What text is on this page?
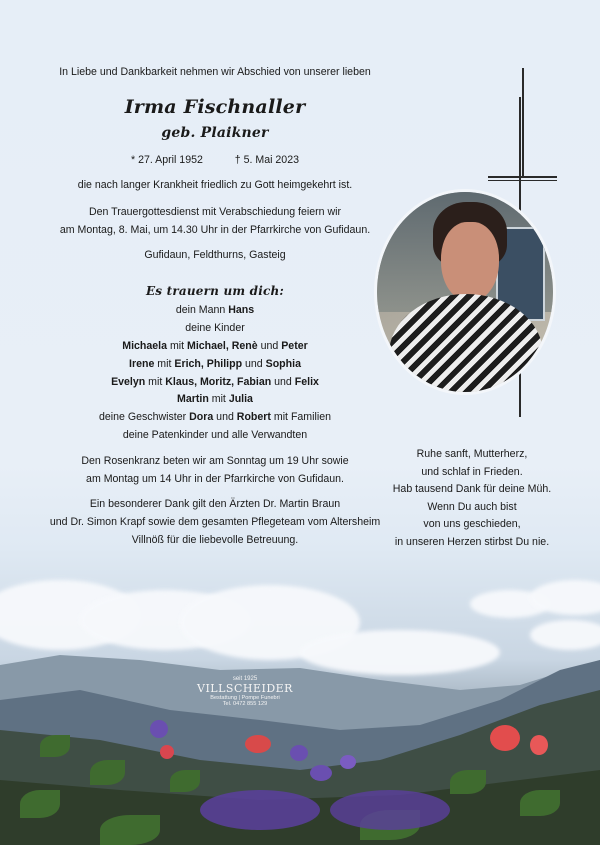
In Liebe und Dankbarkeit nehmen wir Abschied von unserer lieben
Irma Fischnaller
geb. Plaikner
* 27. April 1952	† 5. Mai 2023
die nach langer Krankheit friedlich zu Gott heimgekehrt ist.
Den Trauergottesdienst mit Verabschiedung feiern wir
am Montag, 8. Mai, um 14.30 Uhr in der Pfarrkirche von Gufidaun.
Gufidaun, Feldthurns, Gasteig
Es trauern um dich:
dein Mann Hans
deine Kinder
Michaela mit Michael, Renè und Peter
Irene mit Erich, Philipp und Sophia
Evelyn mit Klaus, Moritz, Fabian und Felix
Martin mit Julia
deine Geschwister Dora und Robert mit Familien
deine Patenkinder und alle Verwandten
Den Rosenkranz beten wir am Sonntag um 19 Uhr sowie
am Montag um 14 Uhr in der Pfarrkirche von Gufidaun.
Ein besonderer Dank gilt den Ärzten Dr. Martin Braun
und Dr. Simon Krapf sowie dem gesamten Pflegeteam vom Altersheim
Villnöß für die liebevolle Betreuung.
Ruhe sanft, Mutterherz,
und schlaf in Frieden.
Hab tausend Dank für deine Müh.
Wenn Du auch bist
von uns geschieden,
in unseren Herzen stirbst Du nie.
seit 1925
VILLSCHEIDER
Bestattung | Pompe Funebri
Tel. 0472 855 129
